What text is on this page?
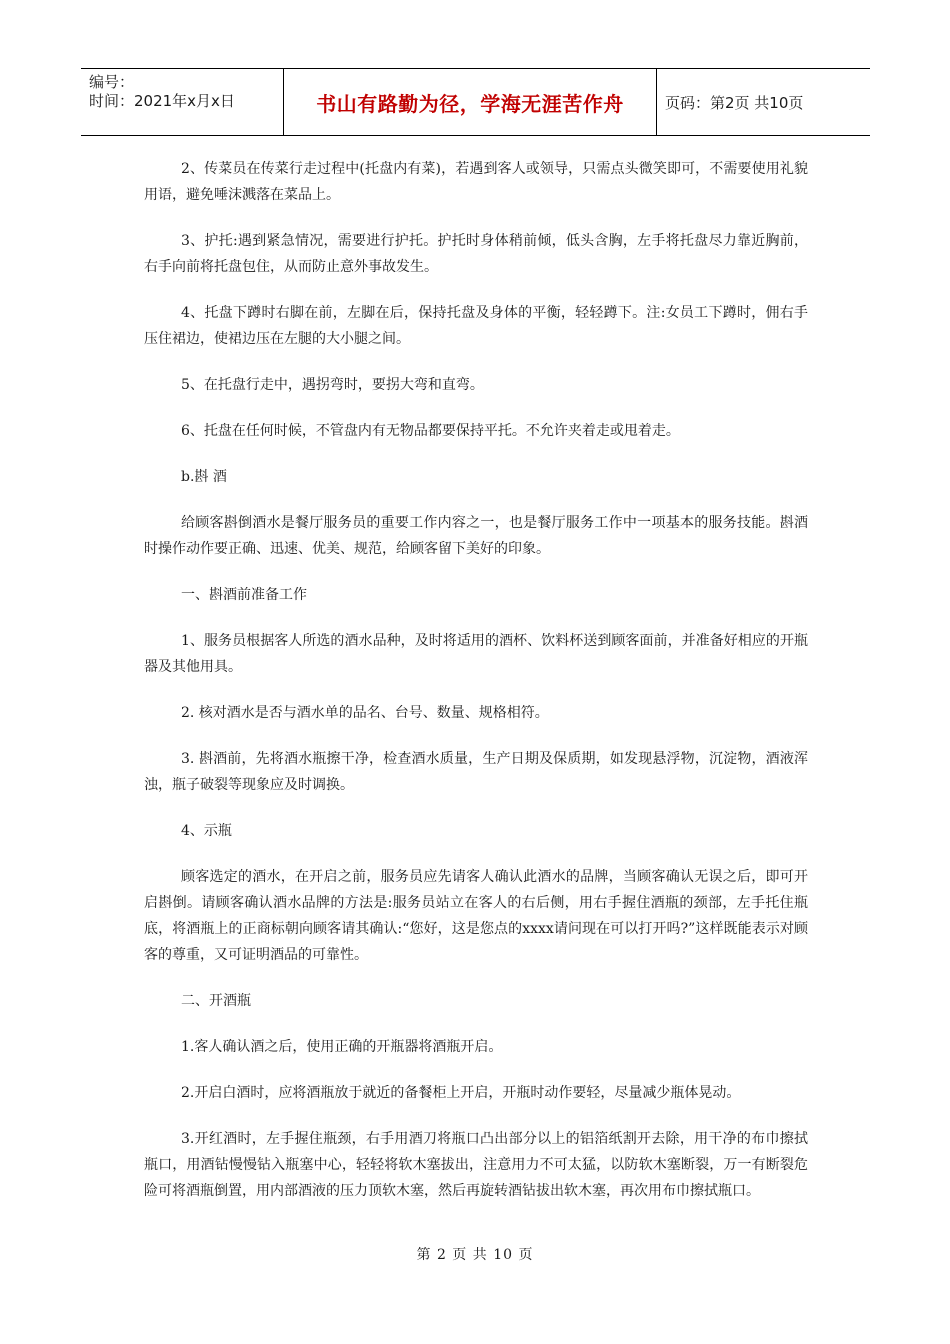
编号：
时间：2021年x月x日	书山有路勤为径，学海无涯苦作舟	页码：第2页 共10页

2、传菜员在传菜行走过程中(托盘内有菜)，若遇到客人或领导，只需点头微笑即可，不需要使用礼貌用语，避免唾沫溅落在菜品上。

3、护托:遇到紧急情况，需要进行护托。护托时身体稍前倾，低头含胸，左手将托盘尽力靠近胸前，右手向前将托盘包住，从而防止意外事故发生。

4、托盘下蹲时右脚在前，左脚在后，保持托盘及身体的平衡，轻轻蹲下。注:女员工下蹲时，佣右手压住裙边，使裙边压在左腿的大小腿之间。

5、在托盘行走中，遇拐弯时，要拐大弯和直弯。

6、托盘在任何时候，不管盘内有无物品都要保持平托。不允许夹着走或甩着走。

b.斟 酒

给顾客斟倒酒水是餐厅服务员的重要工作内容之一，也是餐厅服务工作中一项基本的服务技能。斟酒时操作动作要正确、迅速、优美、规范，给顾客留下美好的印象。

一、斟酒前准备工作

1、服务员根据客人所选的酒水品种，及时将适用的酒杯、饮料杯送到顾客面前，并准备好相应的开瓶器及其他用具。

2. 核对酒水是否与酒水单的品名、台号、数量、规格相符。

3. 斟酒前，先将酒水瓶擦干净，检查酒水质量，生产日期及保质期，如发现悬浮物，沉淀物，酒液浑浊，瓶子破裂等现象应及时调换。

4、示瓶

顾客选定的酒水，在开启之前，服务员应先请客人确认此酒水的品牌，当顾客确认无误之后，即可开启斟倒。请顾客确认酒水品牌的方法是:服务员站立在客人的右后侧，用右手握住酒瓶的颈部，左手托住瓶底，将酒瓶上的正商标朝向顾客请其确认:“您好，这是您点的xxxx请问现在可以打开吗?”这样既能表示对顾客的尊重，又可证明酒品的可靠性。

二、开酒瓶

1.客人确认酒之后，使用正确的开瓶器将酒瓶开启。

2.开启白酒时，应将酒瓶放于就近的备餐柜上开启，开瓶时动作要轻，尽量减少瓶体晃动。

3.开红酒时，左手握住瓶颈，右手用酒刀将瓶口凸出部分以上的铝箔纸割开去除，用干净的布巾擦拭瓶口，用酒钻慢慢钻入瓶塞中心，轻轻将软木塞拔出，注意用力不可太猛，以防软木塞断裂，万一有断裂危险可将酒瓶倒置，用内部酒液的压力顶软木塞，然后再旋转酒钻拔出软木塞，再次用布巾擦拭瓶口。

第 2 页 共 10 页
